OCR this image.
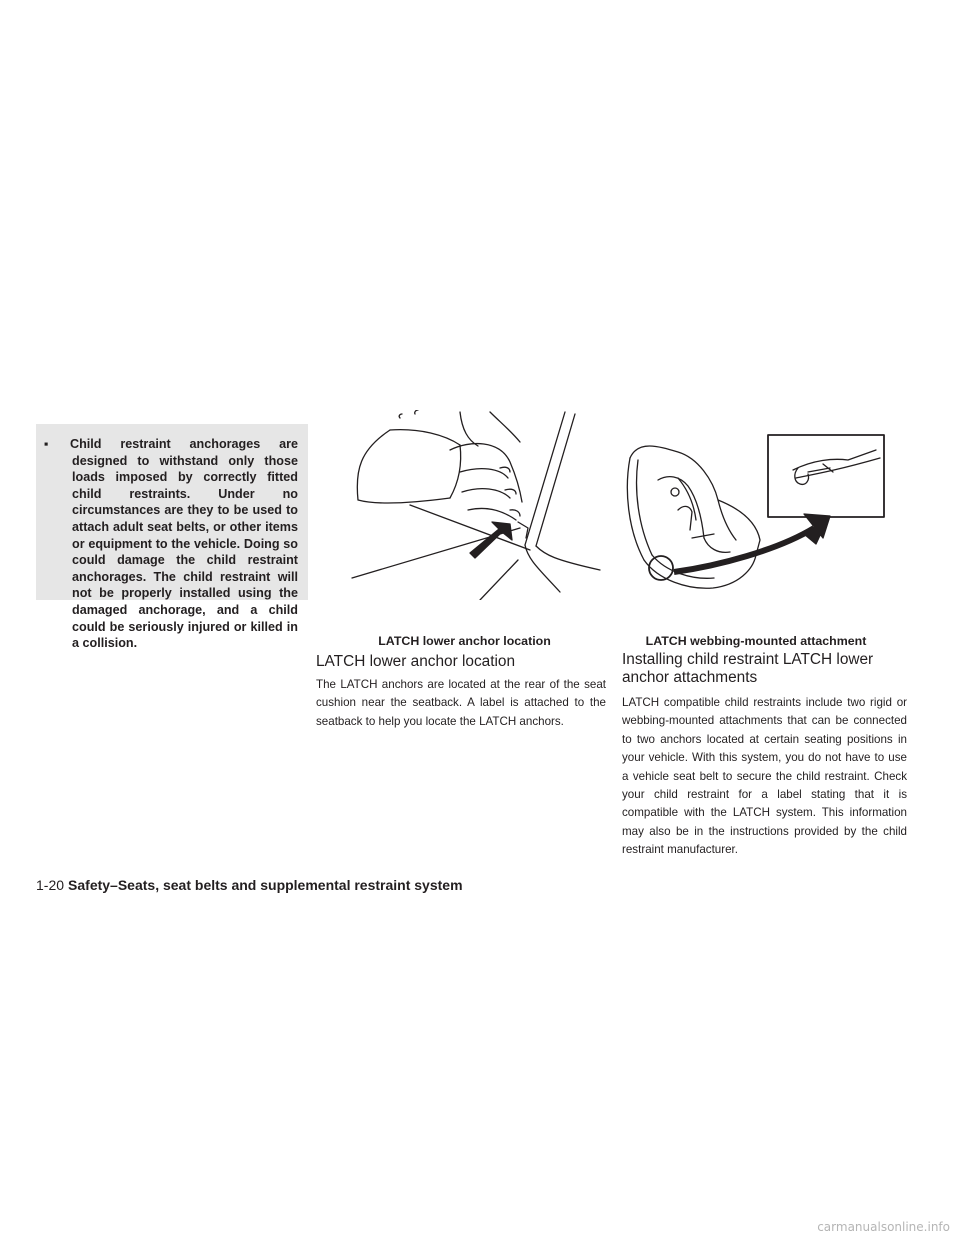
▪ Child restraint anchorages are designed to withstand only those loads imposed by correctly fitted child restraints. Under no circumstances are they to be used to attach adult seat belts, or other items or equipment to the vehicle. Doing so could damage the child restraint anchorages. The child restraint will not be properly installed using the damaged anchorage, and a child could be seriously injured or killed in a collision.	LATCH lower anchor location	LATCH webbing-mounted attachment
LATCH lower anchor location

The LATCH anchors are located at the rear of the seat cushion near the seatback. A label is attached to the seatback to help you locate the LATCH anchors.

Installing child restraint LATCH lower anchor attachments

LATCH compatible child restraints include two rigid or webbing-mounted attachments that can be connected to two anchors located at certain seating positions in your vehicle. With this system, you do not have to use a vehicle seat belt to secure the child restraint. Check your child restraint for a label stating that it is compatible with the LATCH system. This information may also be in the instructions provided by the child restraint manufacturer.

1-20 Safety–Seats, seat belts and supplemental restraint system
carmanualsonline.info
